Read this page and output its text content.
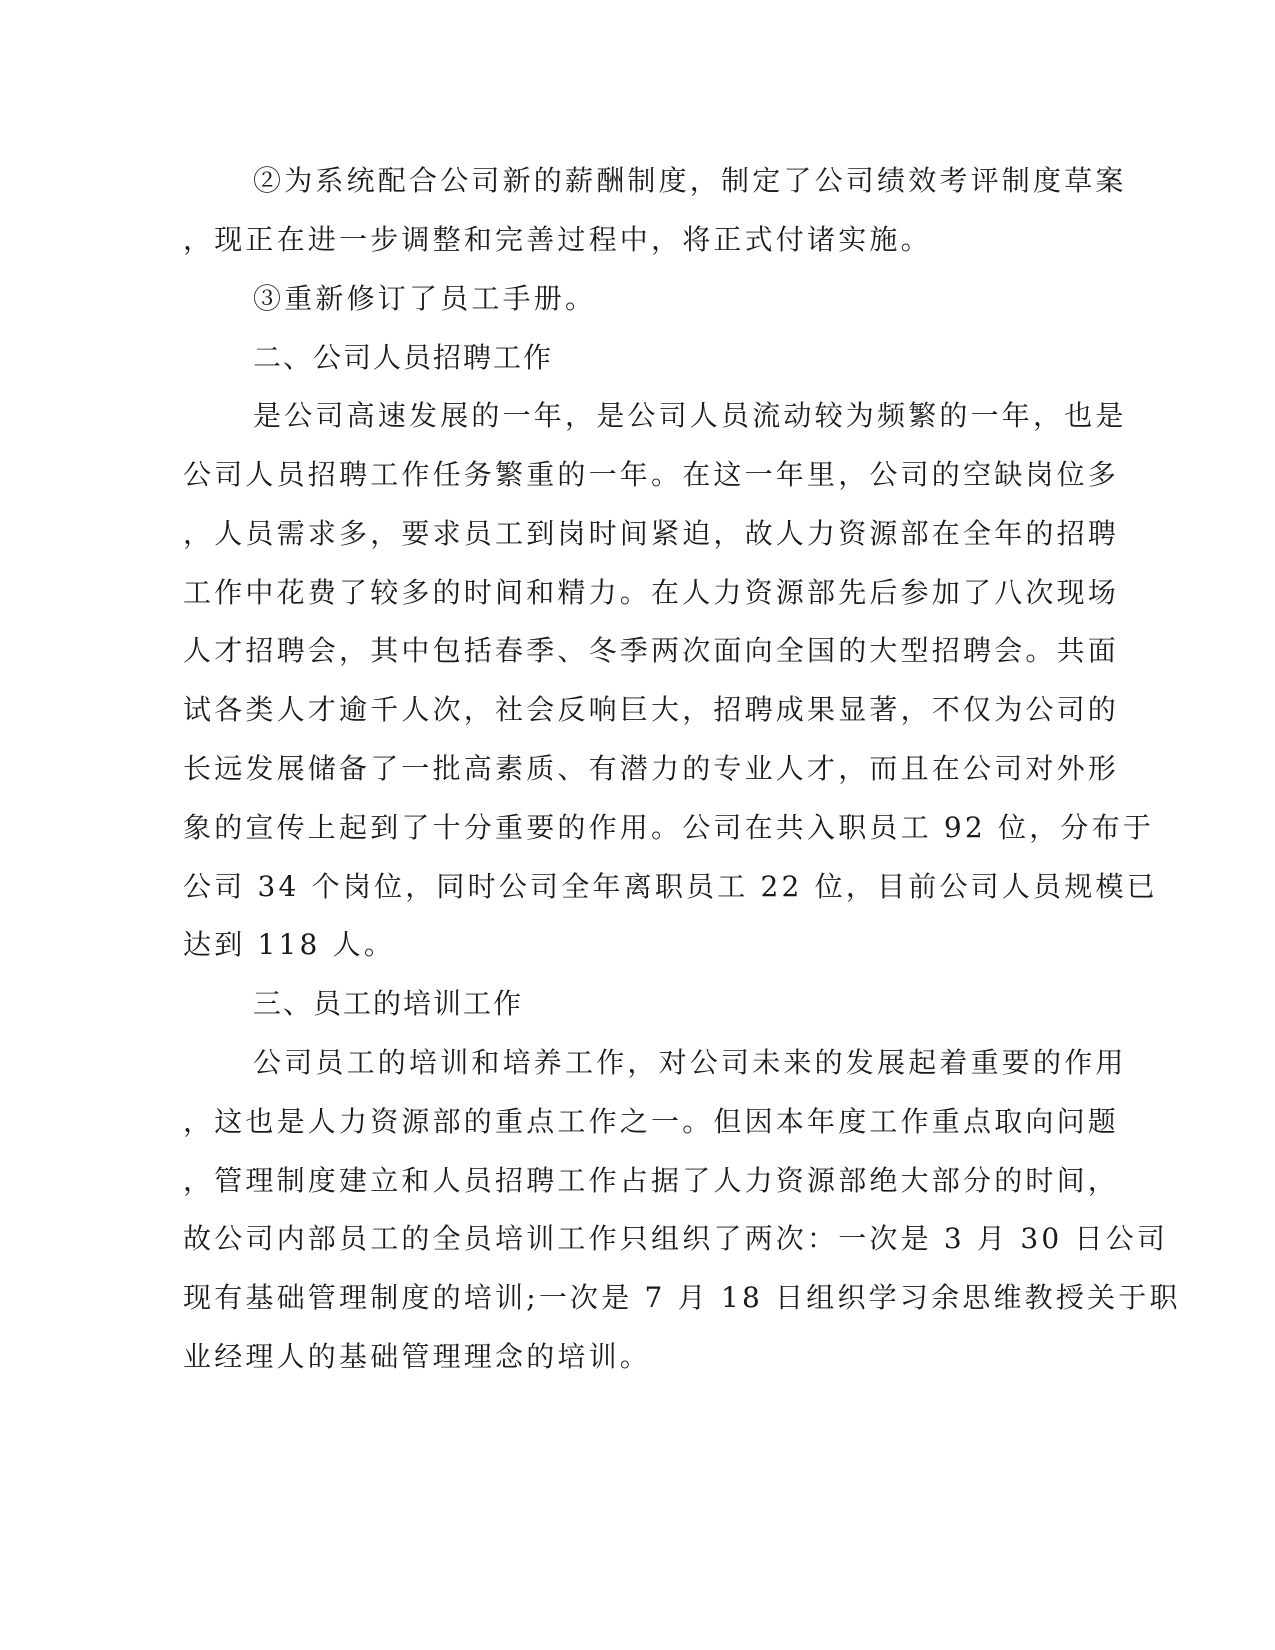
②为系统配合公司新的薪酬制度，制定了公司绩效考评制度草案

，现正在进一步调整和完善过程中，将正式付诸实施。

③重新修订了员工手册。

二、公司人员招聘工作

是公司高速发展的一年，是公司人员流动较为频繁的一年，也是

公司人员招聘工作任务繁重的一年。在这一年里，公司的空缺岗位多

，人员需求多，要求员工到岗时间紧迫，故人力资源部在全年的招聘

工作中花费了较多的时间和精力。在人力资源部先后参加了八次现场

人才招聘会，其中包括春季、冬季两次面向全国的大型招聘会。共面

试各类人才逾千人次，社会反响巨大，招聘成果显著，不仅为公司的

长远发展储备了一批高素质、有潜力的专业人才，而且在公司对外形

象的宣传上起到了十分重要的作用。公司在共入职员工 92 位，分布于

公司 34 个岗位，同时公司全年离职员工 22 位，目前公司人员规模已

达到 118 人。

三、员工的培训工作

公司员工的培训和培养工作，对公司未来的发展起着重要的作用

，这也是人力资源部的重点工作之一。但因本年度工作重点取向问题

，管理制度建立和人员招聘工作占据了人力资源部绝大部分的时间，

故公司内部员工的全员培训工作只组织了两次：一次是 3 月 30 日公司

现有基础管理制度的培训;一次是 7 月 18 日组织学习余思维教授关于职

业经理人的基础管理理念的培训。
